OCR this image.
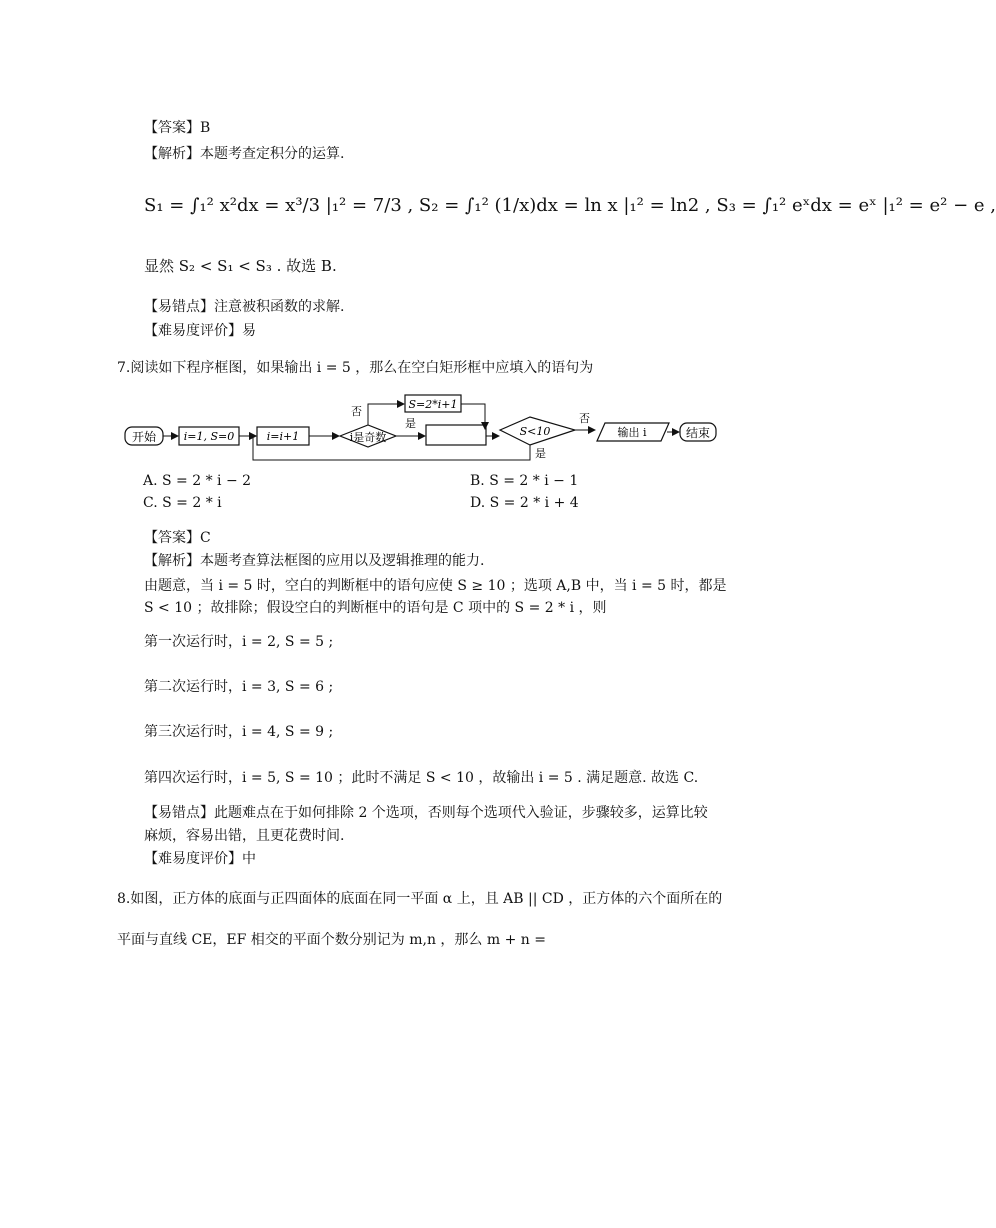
【答案】B
【解析】本题考查定积分的运算.
S₁ = ∫₁² x²dx = x³/3 |₁² = 7/3 , S₂ = ∫₁² (1/x)dx = ln x |₁² = ln2 , S₃ = ∫₁² eˣdx = eˣ |₁² = e² − e ,
显然 S₂ < S₁ < S₃ . 故选 B.
【易错点】注意被积函数的求解.
【难易度评价】易
7.阅读如下程序框图，如果输出 i = 5 ，那么在空白矩形框中应填入的语句为
开始	i=1, S=0	i=i+1	i是奇数
否
是
S=2*i+1
S<10
否
是
输出 i	结束
A. S = 2 * i − 2	B. S = 2 * i − 1
C. S = 2 * i	D. S = 2 * i + 4
【答案】C
【解析】本题考查算法框图的应用以及逻辑推理的能力.
由题意，当 i = 5 时，空白的判断框中的语句应使 S ≥ 10 ；选项 A,B 中，当 i = 5 时，都是
S < 10 ；故排除；假设空白的判断框中的语句是 C 项中的 S = 2 * i ，则
第一次运行时，i = 2, S = 5 ;
第二次运行时，i = 3, S = 6 ;
第三次运行时，i = 4, S = 9 ;
第四次运行时，i = 5, S = 10 ；此时不满足 S < 10 ，故输出 i = 5 . 满足题意. 故选 C.
【易错点】此题难点在于如何排除 2 个选项，否则每个选项代入验证，步骤较多，运算比较
麻烦，容易出错，且更花费时间.
【难易度评价】中
8.如图，正方体的底面与正四面体的底面在同一平面 α 上，且 AB || CD ，正方体的六个面所在的
平面与直线 CE，EF 相交的平面个数分别记为 m,n ，那么 m + n =
